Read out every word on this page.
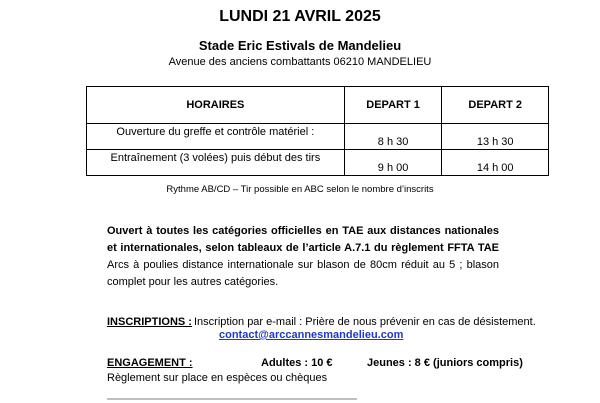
LUNDI 21 AVRIL 2025
Stade Eric Estivals de Mandelieu
Avenue des anciens combattants 06210 MANDELIEU
HORAIRES	DEPART 1	DEPART 2
Ouverture du greffe et contrôle matériel :	8 h 30	13 h 30
Entraînement (3 volées) puis début des tirs	9 h 00	14 h 00
Rythme AB/CD – Tir possible en ABC selon le nombre d’inscrits
Ouvert à toutes les catégories officielles en TAE aux distances nationales et internationales, selon tableaux de l’article A.7.1 du règlement FFTA TAE Arcs à poulies distance internationale sur blason de 80cm réduit au 5 ; blason complet pour les autres catégories.
INSCRIPTIONS : Inscription par e-mail : Prière de nous prévenir en cas de désistement.
contact@arccannesmandelieu.com
ENGAGEMENT :	Adultes : 10 €	Jeunes : 8 € (juniors compris)
Règlement sur place en espèces ou chèques
